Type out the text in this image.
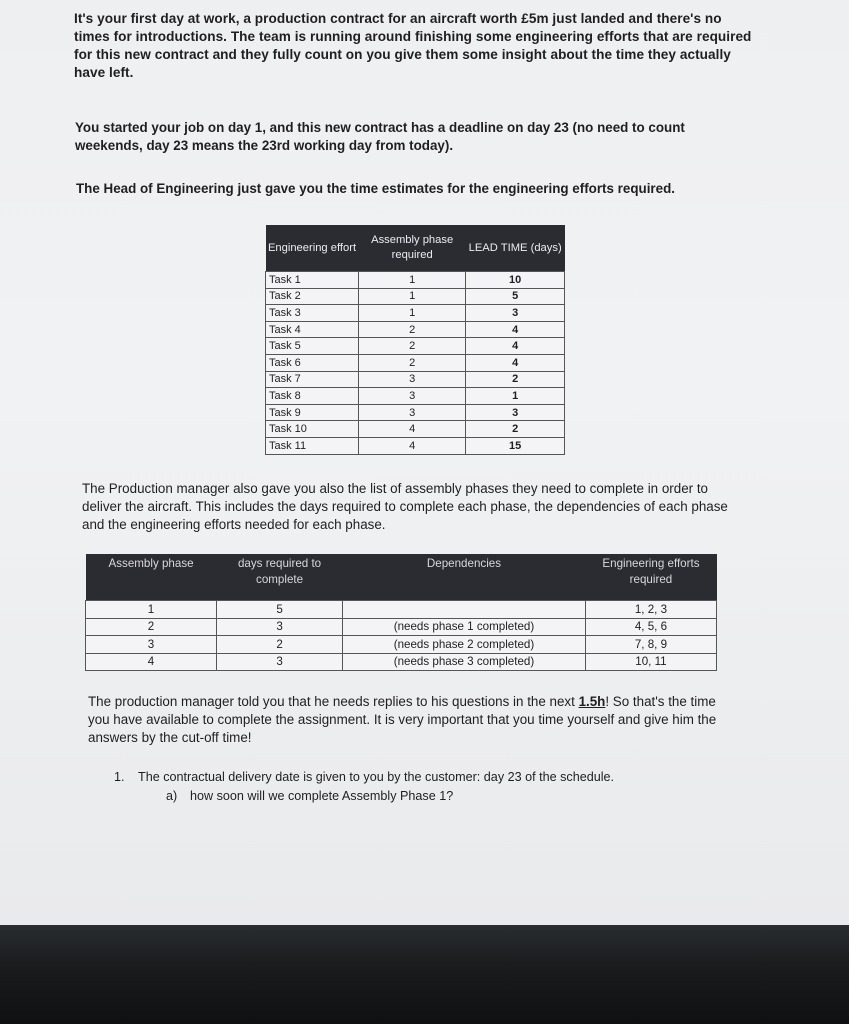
It's your first day at work, a production contract for an aircraft worth £5m just landed and there's no times for introductions. The team is running around finishing some engineering efforts that are required for this new contract and they fully count on you give them some insight about the time they actually have left.

You started your job on day 1, and this new contract has a deadline on day 23 (no need to count weekends, day 23 means the 23rd working day from today).

The Head of Engineering just gave you the time estimates for the engineering efforts required.

Engineering effort	Assembly phase required	LEAD TIME (days)
Task 1	1	10
Task 2	1	5
Task 3	1	3
Task 4	2	4
Task 5	2	4
Task 6	2	4
Task 7	3	2
Task 8	3	1
Task 9	3	3
Task 10	4	2
Task 11	4	15

The Production manager also gave you also the list of assembly phases they need to complete in order to deliver the aircraft. This includes the days required to complete each phase, the dependencies of each phase and the engineering efforts needed for each phase.

Assembly phase	days required to complete	Dependencies	Engineering efforts required
1	5		1, 2, 3
2	3	(needs phase 1 completed)	4, 5, 6
3	2	(needs phase 2 completed)	7, 8, 9
4	3	(needs phase 3 completed)	10, 11

The production manager told you that he needs replies to his questions in the next 1.5h! So that's the time you have available to complete the assignment. It is very important that you time yourself and give him the answers by the cut-off time!

1. The contractual delivery date is given to you by the customer: day 23 of the schedule.

a) how soon will we complete Assembly Phase 1?
